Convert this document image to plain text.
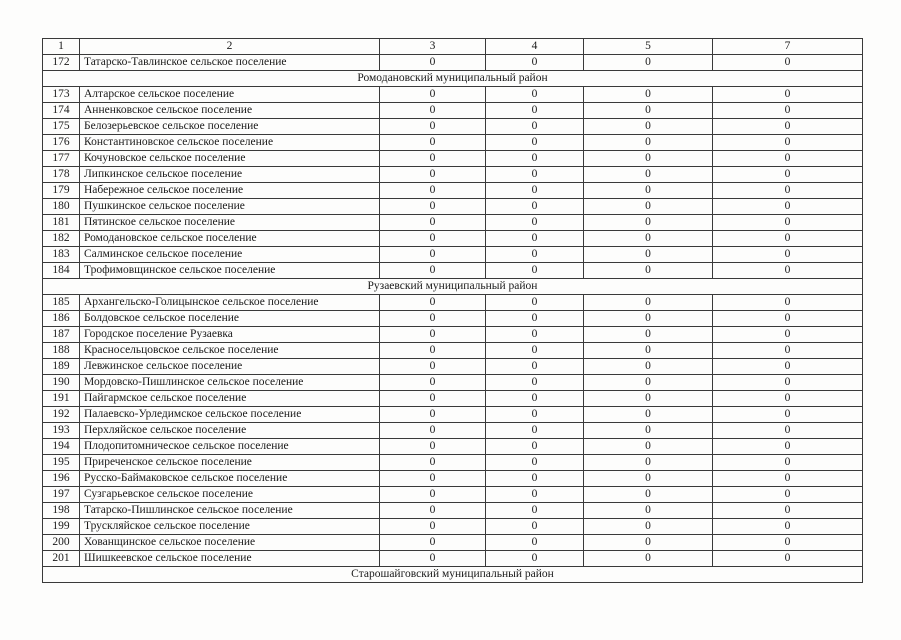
1	2	3	4	5	7
172	Татарско-Тавлинское сельское поселение	0	0	0	0
Ромодановский муниципальный район					
173	Алтарское сельское поселение	0	0	0	0
174	Анненковское сельское поселение	0	0	0	0
175	Белозерьевское сельское поселение	0	0	0	0
176	Константиновское сельское поселение	0	0	0	0
177	Кочуновское сельское поселение	0	0	0	0
178	Липкинское сельское поселение	0	0	0	0
179	Набережное сельское поселение	0	0	0	0
180	Пушкинское сельское поселение	0	0	0	0
181	Пятинское сельское поселение	0	0	0	0
182	Ромодановское сельское поселение	0	0	0	0
183	Салминское сельское поселение	0	0	0	0
184	Трофимовщинское сельское поселение	0	0	0	0
Рузаевский муниципальный район					
185	Архангельско-Голицынское сельское поселение	0	0	0	0
186	Болдовское сельское поселение	0	0	0	0
187	Городское поселение Рузаевка	0	0	0	0
188	Красносельцовское сельское поселение	0	0	0	0
189	Левжинское сельское поселение	0	0	0	0
190	Мордовско-Пишлинское сельское поселение	0	0	0	0
191	Пайгармское сельское поселение	0	0	0	0
192	Палаевско-Урледимское сельское поселение	0	0	0	0
193	Перхляйское сельское поселение	0	0	0	0
194	Плодопитомническое сельское поселение	0	0	0	0
195	Приреченское сельское поселение	0	0	0	0
196	Русско-Баймаковское сельское поселение	0	0	0	0
197	Сузгарьевское сельское поселение	0	0	0	0
198	Татарско-Пишлинское сельское поселение	0	0	0	0
199	Трускляйское сельское поселение	0	0	0	0
200	Хованщинское сельское поселение	0	0	0	0
201	Шишкеевское сельское поселение	0	0	0	0
Старошайговский муниципальный район					
